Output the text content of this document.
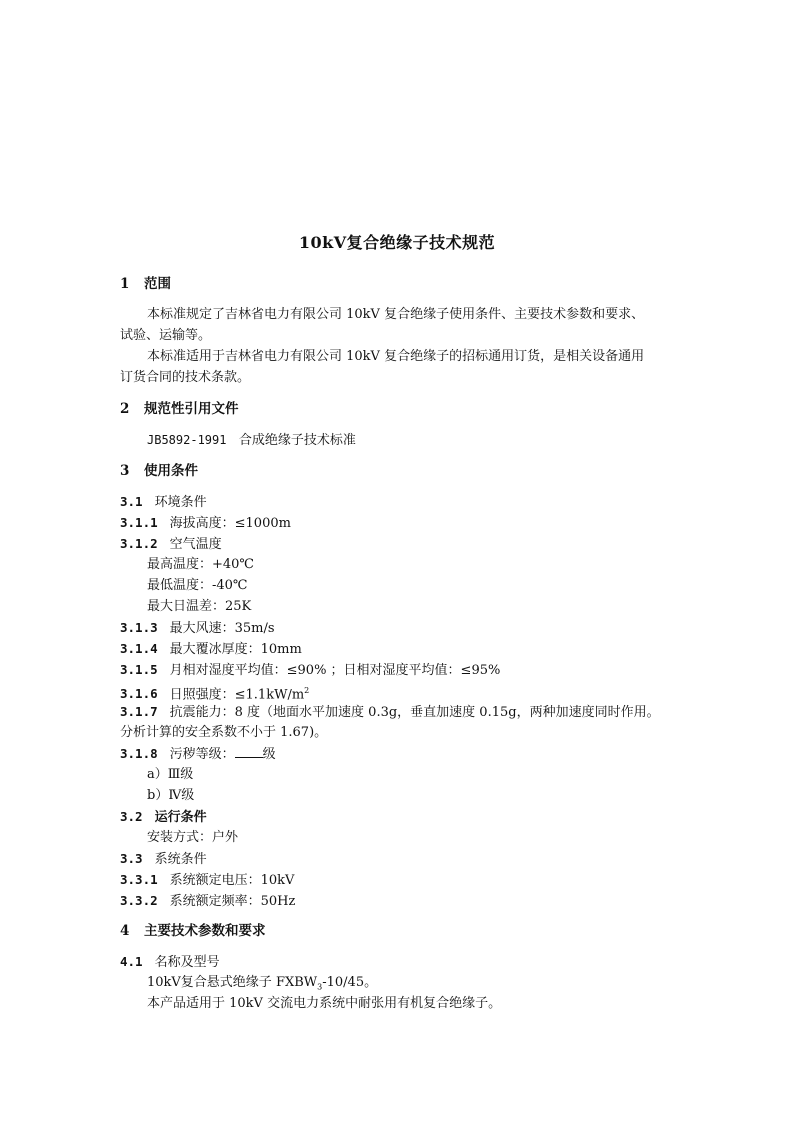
10kV复合绝缘子技术规范
1 范围
本标准规定了吉林省电力有限公司 10kV 复合绝缘子使用条件、主要技术参数和要求、
试验、运输等。
本标准适用于吉林省电力有限公司 10kV 复合绝缘子的招标通用订货，是相关设备通用
订货合同的技术条款。
2 规范性引用文件
JB5892-1991 合成绝缘子技术标准
3 使用条件
3.1 环境条件
3.1.1 海拔高度：≤1000m
3.1.2 空气温度
最高温度：+40℃
最低温度：-40℃
最大日温差：25K
3.1.3 最大风速：35m/s
3.1.4 最大覆冰厚度：10mm
3.1.5 月相对湿度平均值：≤90% ；日相对湿度平均值：≤95%
3.1.6 日照强度：$\le 1.1kW/m^2$
3.1.7 抗震能力：8 度（地面水平加速度 0.3g，垂直加速度 0.15g，两种加速度同时作用。
分析计算的安全系数不小于 1.67)。
3.1.8 污秽等级： 级
a）Ⅲ级
b）Ⅳ级
3.2 运行条件
安装方式：户外
3.3 系统条件
3.3.1 系统额定电压：10kV
3.3.2 系统额定频率：50Hz
4 主要技术参数和要求
4.1 名称及型号
10kV复合悬式绝缘子 $FXBW_3-10/45$。
本产品适用于 10kV 交流电力系统中耐张用有机复合绝缘子。
